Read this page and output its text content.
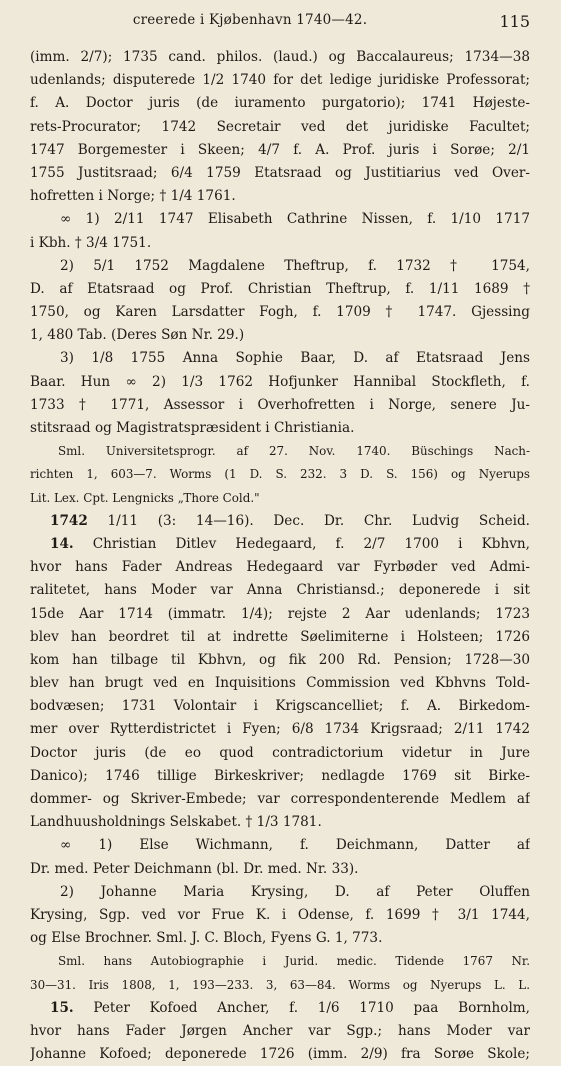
creerede i Kjøbenhavn 1740—42.	115
(imm. 2/7); 1735 cand. philos. (laud.) og Baccalaureus; 1734—38
udenlands; disputerede 1/2 1740 for det ledige juridiske Professorat;
f. A. Doctor juris (de iuramento purgatorio); 1741 Højeste-
rets-Procurator; 1742 Secretair ved det juridiske Facultet;
1747 Borgemester i Skeen; 4/7 f. A. Prof. juris i Sorøe; 2/1
1755 Justitsraad; 6/4 1759 Etatsraad og Justitiarius ved Over-
hofretten i Norge; † 1/4 1761.
∞ 1) 2/11 1747 Elisabeth Cathrine Nissen, f. 1/10 1717
i Kbh. † 3/4 1751.
2) 5/1 1752 Magdalene Theftrup, f. 1732 † 1754,
D. af Etatsraad og Prof. Christian Theftrup, f. 1/11 1689 †
1750, og Karen Larsdatter Fogh, f. 1709 † 1747. Gjessing
1, 480 Tab. (Deres Søn Nr. 29.)
3) 1/8 1755 Anna Sophie Baar, D. af Etatsraad Jens
Baar. Hun ∞ 2) 1/3 1762 Hofjunker Hannibal Stockfleth, f.
1733 † 1771, Assessor i Overhofretten i Norge, senere Ju-
stitsraad og Magistratspræsident i Christiania.
Sml. Universitetsprogr. af 27. Nov. 1740. Büschings Nach-
richten 1, 603—7. Worms (1 D. S. 232. 3 D. S. 156) og Nyerups
Lit. Lex. Cpt. Lengnicks „Thore Cold."
1742 1/11 (3: 14—16). Dec. Dr. Chr. Ludvig Scheid.
14. Christian Ditlev Hedegaard, f. 2/7 1700 i Kbhvn,
hvor hans Fader Andreas Hedegaard var Fyrbøder ved Admi-
ralitetet, hans Moder var Anna Christiansd.; deponerede i sit
15de Aar 1714 (immatr. 1/4); rejste 2 Aar udenlands; 1723
blev han beordret til at indrette Søelimiterne i Holsteen; 1726
kom han tilbage til Kbhvn, og fik 200 Rd. Pension; 1728—30
blev han brugt ved en Inquisitions Commission ved Kbhvns Told-
bodvæsen; 1731 Volontair i Krigscancelliet; f. A. Birkedom-
mer over Rytterdistrictet i Fyen; 6/8 1734 Krigsraad; 2/11 1742
Doctor juris (de eo quod contradictorium videtur in Jure
Danico); 1746 tillige Birkeskriver; nedlagde 1769 sit Birke-
dommer- og Skriver-Embede; var correspondenterende Medlem af
Landhuusholdnings Selskabet. † 1/3 1781.
∞ 1) Else Wichmann, f. Deichmann, Datter af
Dr. med. Peter Deichmann (bl. Dr. med. Nr. 33).
2) Johanne Maria Krysing, D. af Peter Oluffen
Krysing, Sgp. ved vor Frue K. i Odense, f. 1699 † 3/1 1744,
og Else Brochner. Sml. J. C. Bloch, Fyens G. 1, 773.
Sml. hans Autobiographie i Jurid. medic. Tidende 1767 Nr.
30—31. Iris 1808, 1, 193—233. 3, 63—84. Worms og Nyerups L. L.
15. Peter Kofoed Ancher, f. 1/6 1710 paa Bornholm,
hvor hans Fader Jørgen Ancher var Sgp.; hans Moder var
Johanne Kofoed; deponerede 1726 (imm. 2/9) fra Sorøe Skole;
